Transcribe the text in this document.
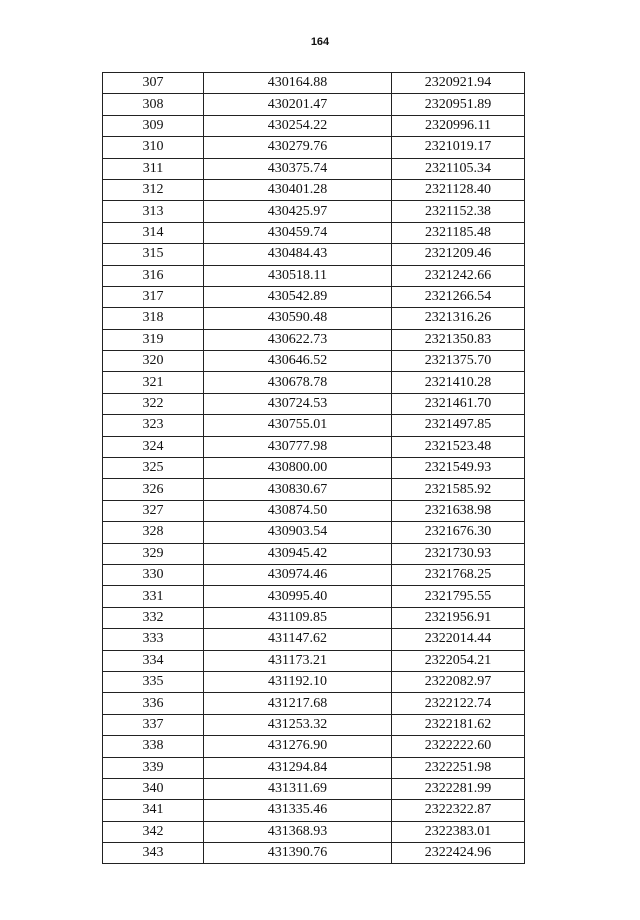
164
307	430164.88	2320921.94
308	430201.47	2320951.89
309	430254.22	2320996.11
310	430279.76	2321019.17
311	430375.74	2321105.34
312	430401.28	2321128.40
313	430425.97	2321152.38
314	430459.74	2321185.48
315	430484.43	2321209.46
316	430518.11	2321242.66
317	430542.89	2321266.54
318	430590.48	2321316.26
319	430622.73	2321350.83
320	430646.52	2321375.70
321	430678.78	2321410.28
322	430724.53	2321461.70
323	430755.01	2321497.85
324	430777.98	2321523.48
325	430800.00	2321549.93
326	430830.67	2321585.92
327	430874.50	2321638.98
328	430903.54	2321676.30
329	430945.42	2321730.93
330	430974.46	2321768.25
331	430995.40	2321795.55
332	431109.85	2321956.91
333	431147.62	2322014.44
334	431173.21	2322054.21
335	431192.10	2322082.97
336	431217.68	2322122.74
337	431253.32	2322181.62
338	431276.90	2322222.60
339	431294.84	2322251.98
340	431311.69	2322281.99
341	431335.46	2322322.87
342	431368.93	2322383.01
343	431390.76	2322424.96
